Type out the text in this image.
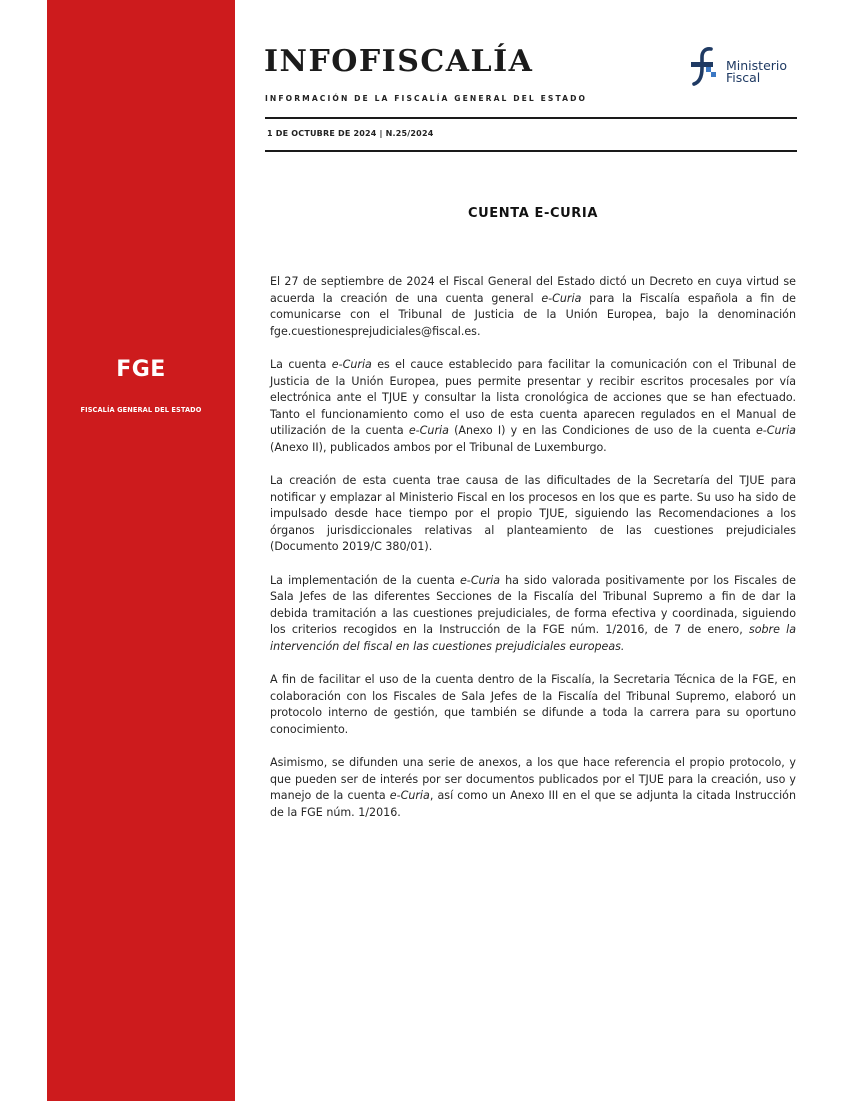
FGE
FISCALÍA GENERAL DEL ESTADO
INFOFISCALÍA
INFORMACIÓN DE LA FISCALÍA GENERAL DEL ESTADO
Ministerio
Fiscal
1 DE OCTUBRE DE 2024 | N.25/2024
CUENTA E-CURIA

El 27 de septiembre de 2024 el Fiscal General del Estado dictó un Decreto en cuya virtud se acuerda la creación de una cuenta general e-Curia para la Fiscalía española a fin de comunicarse con el Tribunal de Justicia de la Unión Europea, bajo la denominación fge.cuestionesprejudiciales@fiscal.es.

La cuenta e-Curia es el cauce establecido para facilitar la comunicación con el Tribunal de Justicia de la Unión Europea, pues permite presentar y recibir escritos procesales por vía electrónica ante el TJUE y consultar la lista cronológica de acciones que se han efectuado. Tanto el funcionamiento como el uso de esta cuenta aparecen regulados en el Manual de utilización de la cuenta e-Curia (Anexo I) y en las Condiciones de uso de la cuenta e-Curia (Anexo II), publicados ambos por el Tribunal de Luxemburgo.

La creación de esta cuenta trae causa de las dificultades de la Secretaría del TJUE para notificar y emplazar al Ministerio Fiscal en los procesos en los que es parte. Su uso ha sido de impulsado desde hace tiempo por el propio TJUE, siguiendo las Recomendaciones a los órganos jurisdiccionales relativas al planteamiento de las cuestiones prejudiciales (Documento 2019/C 380/01).

La implementación de la cuenta e-Curia ha sido valorada positivamente por los Fiscales de Sala Jefes de las diferentes Secciones de la Fiscalía del Tribunal Supremo a fin de dar la debida tramitación a las cuestiones prejudiciales, de forma efectiva y coordinada, siguiendo los criterios recogidos en la Instrucción de la FGE núm. 1/2016, de 7 de enero, sobre la intervención del fiscal en las cuestiones prejudiciales europeas.

A fin de facilitar el uso de la cuenta dentro de la Fiscalía, la Secretaria Técnica de la FGE, en colaboración con los Fiscales de Sala Jefes de la Fiscalía del Tribunal Supremo, elaboró un protocolo interno de gestión, que también se difunde a toda la carrera para su oportuno conocimiento.

Asimismo, se difunden una serie de anexos, a los que hace referencia el propio protocolo, y que pueden ser de interés por ser documentos publicados por el TJUE para la creación, uso y manejo de la cuenta e-Curia, así como un Anexo III en el que se adjunta la citada Instrucción de la FGE núm. 1/2016.
